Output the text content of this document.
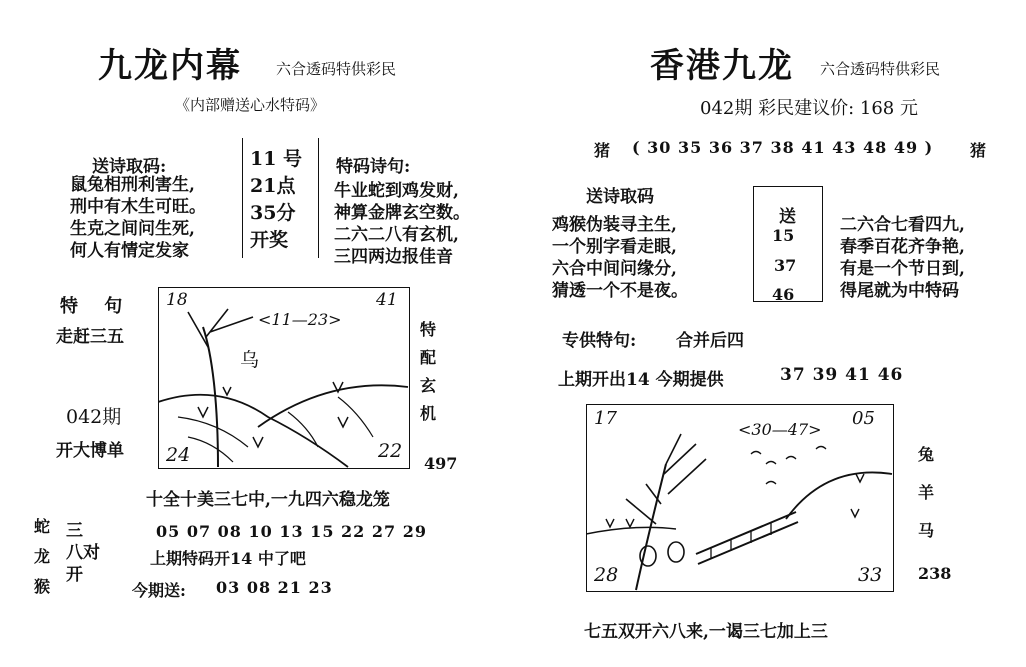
九龙内幕 六合透码特供彩民
《内部赠送心水特码》
送诗取码:
鼠兔相刑利害生,
刑中有木生可旺。
生克之间问生死,
何人有情定发家
11 号
21点
35分
开奖
特码诗句:
牛业蛇到鸡发财,
神算金牌玄空数。
二六二八有玄机,
三四两边报佳音
特 句
走赶三五
042期
开大博单
18	41
<11—23>
乌
24	22
特
配
玄
机
497
十全十美三七中,一九四六稳龙笼
蛇
龙
猴
三
八对
开
05 07 08 10 13 15 22 27 29
上期特码开14 中了吧
今期送: 03 08 21 23
香港九龙 六合透码特供彩民
042期 彩民建议价: 168 元
猪 ( 30 35 36 37 38 41 43 48 49 ) 猪
送诗取码
鸡猴伪装寻主生,
一个别字看走眼,
六合中间问缘分,
猜透一个不是夜。
送
15
37
46
二六合七看四九,
春季百花齐争艳,
有是一个节日到,
得尾就为中特码
专供特句: 合并后四
上期开出14 今期提供	37 39 41 46
17
<30—47>
05
28	33
兔
羊
马
238
七五双开六八来,一谒三七加上三
